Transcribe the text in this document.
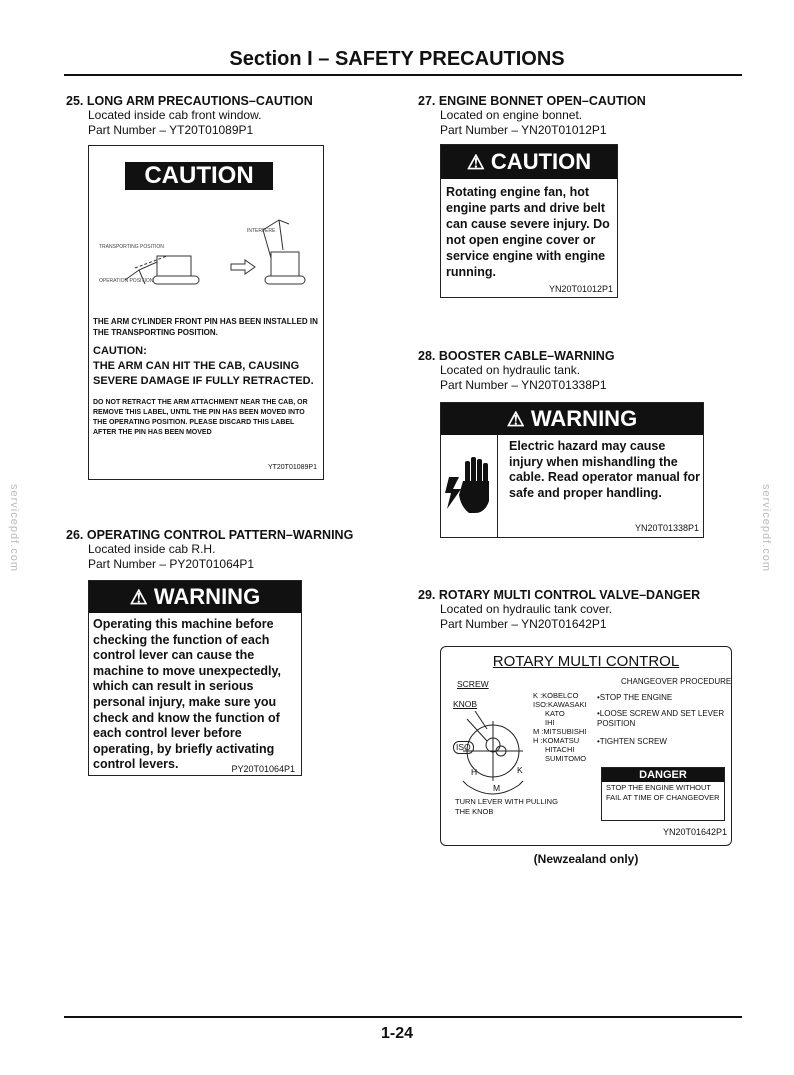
Section I – SAFETY PRECAUTIONS
servicepdf.com	servicepdf.com
25. LONG ARM PRECAUTIONS–CAUTION
Located inside cab front window.
Part Number – YT20T01089P1
CAUTION
INTERFERE
TRANSPORTING POSITION
OPERATION POSITION
THE ARM CYLINDER FRONT PIN HAS BEEN INSTALLED IN THE TRANSPORTING POSITION.
CAUTION:
THE ARM CAN HIT THE CAB, CAUSING SEVERE DAMAGE IF FULLY RETRACTED.
DO NOT RETRACT THE ARM ATTACHMENT NEAR THE CAB, OR REMOVE THIS LABEL, UNTIL THE PIN HAS BEEN MOVED INTO THE OPERATING POSITION. PLEASE DISCARD THIS LABEL AFTER THE PIN HAS BEEN MOVED
YT20T01089P1
26. OPERATING CONTROL PATTERN–WARNING
Located inside cab R.H.
Part Number – PY20T01064P1
⚠ WARNING
Operating this machine before checking the function of each control lever can cause the machine to move unexpectedly, which can result in serious personal injury, make sure you check and know the function of each control lever before operating, by briefly activating control levers.	PY20T01064P1
27. ENGINE BONNET OPEN–CAUTION
Located on engine bonnet.
Part Number – YN20T01012P1
⚠ CAUTION
Rotating engine fan, hot engine parts and drive belt can cause severe injury. Do not open engine cover or service engine with engine running.
YN20T01012P1
28. BOOSTER CABLE–WARNING
Located on hydraulic tank.
Part Number – YN20T01338P1
⚠ WARNING
Electric hazard may cause injury when mishandling the cable. Read operator manual for safe and proper handling.
YN20T01338P1
29. ROTARY MULTI CONTROL VALVE–DANGER
Located on hydraulic tank cover.
Part Number – YN20T01642P1
ROTARY MULTI CONTROL
SCREW
KNOB
ISO
H	K
M
K :KOBELCO
ISO:KAWASAKI
KATO
IHI
M :MITSUBISHI
H :KOMATSU
HITACHI
SUMITOMO
CHANGEOVER PROCEDURE
•STOP THE ENGINE
•LOOSE SCREW AND SET LEVER POSITION
•TIGHTEN SCREW
TURN LEVER WITH PULLING THE KNOB
DANGER
STOP THE ENGINE WITHOUT FAIL AT TIME OF CHANGEOVER
YN20T01642P1
(Newzealand only)
1-24
